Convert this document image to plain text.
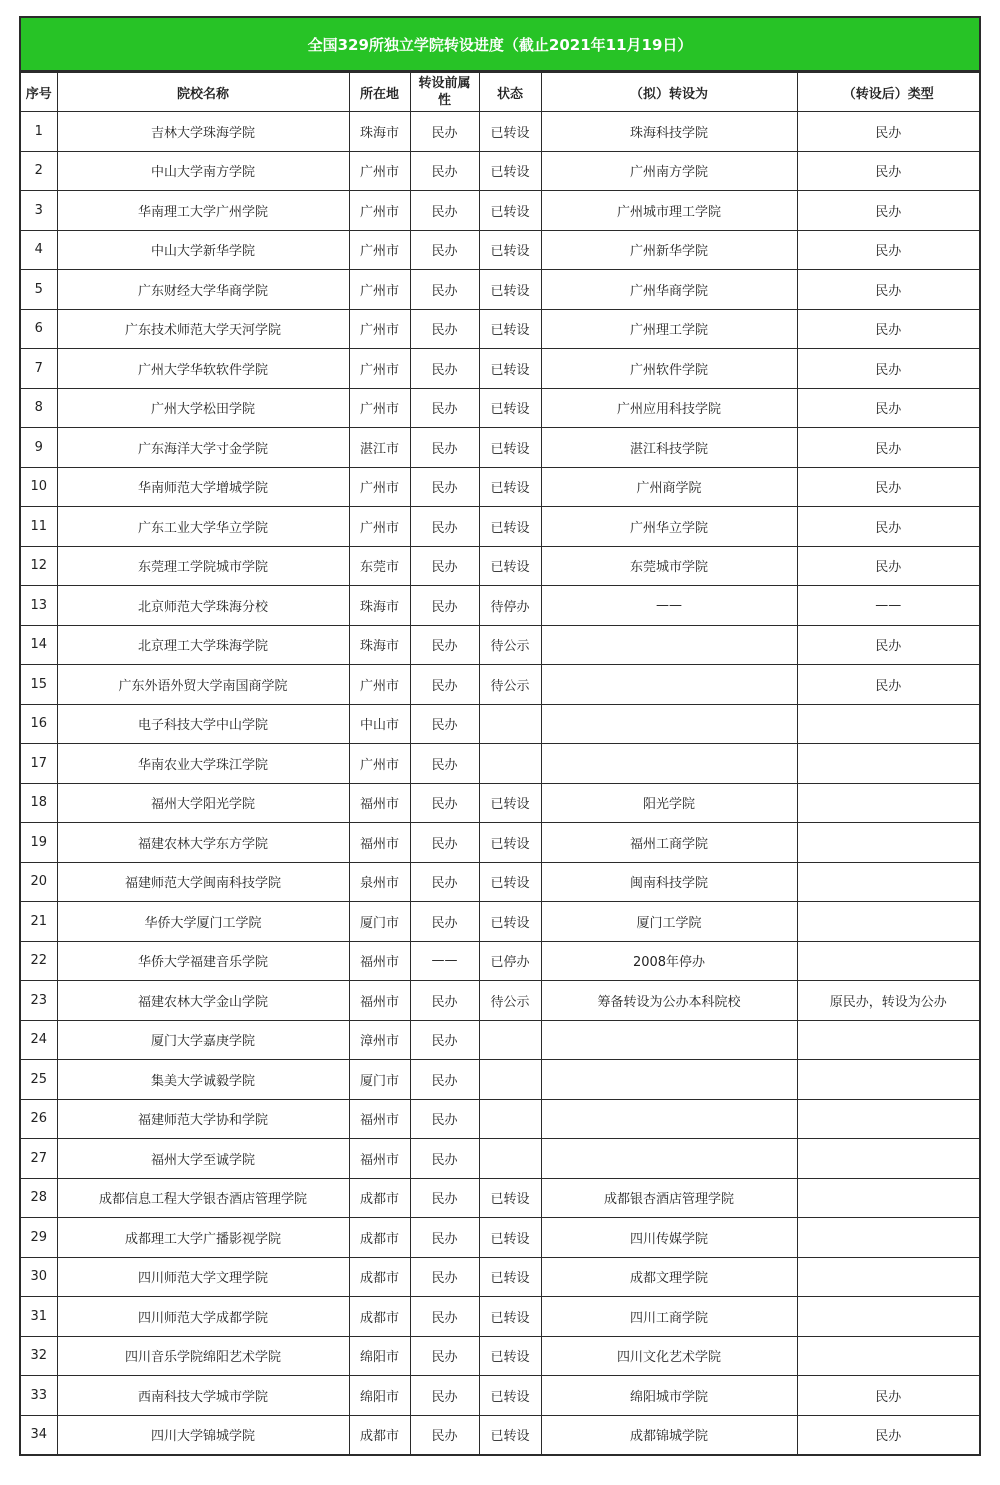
全国329所独立学院转设进度（截止2021年11月19日）
序号	院校名称	所在地	转设前属性	状态	（拟）转设为	（转设后）类型
1	吉林大学珠海学院	珠海市	民办	已转设	珠海科技学院	民办
2	中山大学南方学院	广州市	民办	已转设	广州南方学院	民办
3	华南理工大学广州学院	广州市	民办	已转设	广州城市理工学院	民办
4	中山大学新华学院	广州市	民办	已转设	广州新华学院	民办
5	广东财经大学华商学院	广州市	民办	已转设	广州华商学院	民办
6	广东技术师范大学天河学院	广州市	民办	已转设	广州理工学院	民办
7	广州大学华软软件学院	广州市	民办	已转设	广州软件学院	民办
8	广州大学松田学院	广州市	民办	已转设	广州应用科技学院	民办
9	广东海洋大学寸金学院	湛江市	民办	已转设	湛江科技学院	民办
10	华南师范大学增城学院	广州市	民办	已转设	广州商学院	民办
11	广东工业大学华立学院	广州市	民办	已转设	广州华立学院	民办
12	东莞理工学院城市学院	东莞市	民办	已转设	东莞城市学院	民办
13	北京师范大学珠海分校	珠海市	民办	待停办	——	——
14	北京理工大学珠海学院	珠海市	民办	待公示		民办
15	广东外语外贸大学南国商学院	广州市	民办	待公示		民办
16	电子科技大学中山学院	中山市	民办			
17	华南农业大学珠江学院	广州市	民办			
18	福州大学阳光学院	福州市	民办	已转设	阳光学院	
19	福建农林大学东方学院	福州市	民办	已转设	福州工商学院	
20	福建师范大学闽南科技学院	泉州市	民办	已转设	闽南科技学院	
21	华侨大学厦门工学院	厦门市	民办	已转设	厦门工学院	
22	华侨大学福建音乐学院	福州市	——	已停办	2008年停办	
23	福建农林大学金山学院	福州市	民办	待公示	筹备转设为公办本科院校	原民办，转设为公办
24	厦门大学嘉庚学院	漳州市	民办			
25	集美大学诚毅学院	厦门市	民办			
26	福建师范大学协和学院	福州市	民办			
27	福州大学至诚学院	福州市	民办			
28	成都信息工程大学银杏酒店管理学院	成都市	民办	已转设	成都银杏酒店管理学院	
29	成都理工大学广播影视学院	成都市	民办	已转设	四川传媒学院	
30	四川师范大学文理学院	成都市	民办	已转设	成都文理学院	
31	四川师范大学成都学院	成都市	民办	已转设	四川工商学院	
32	四川音乐学院绵阳艺术学院	绵阳市	民办	已转设	四川文化艺术学院	
33	西南科技大学城市学院	绵阳市	民办	已转设	绵阳城市学院	民办
34	四川大学锦城学院	成都市	民办	已转设	成都锦城学院	民办
